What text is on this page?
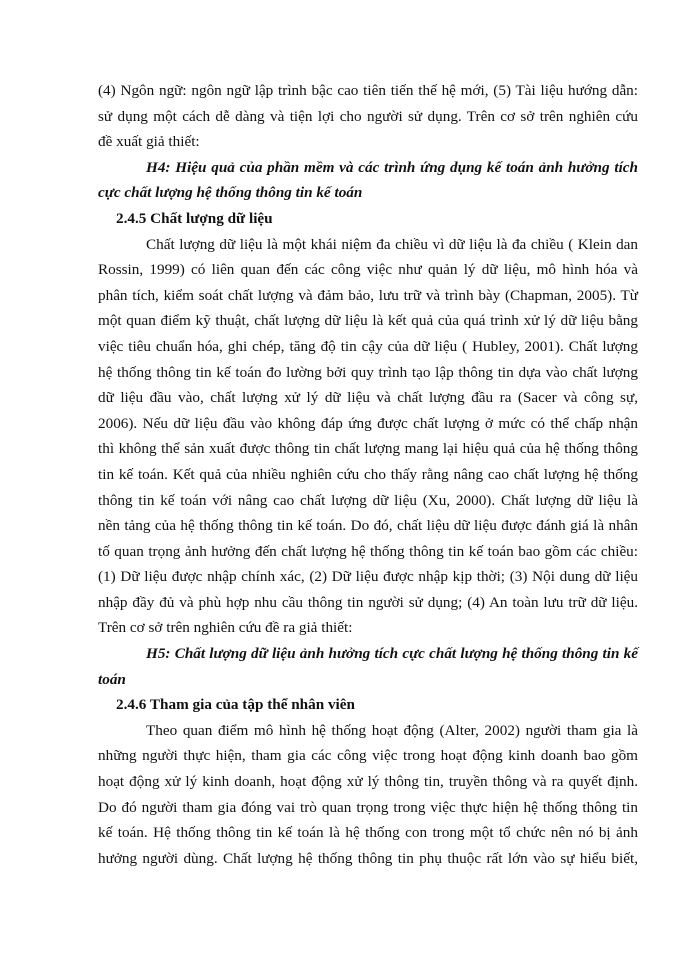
(4) Ngôn ngữ: ngôn ngữ lập trình bậc cao tiên tiến thế hệ mới, (5) Tài liệu hướng dẫn:
sử dụng một cách dễ dàng và tiện lợi cho người sử dụng. Trên cơ sở trên nghiên cứu
đề xuất giả thiết:
H4: Hiệu quả của phần mềm và các trình ứng dụng kế toán ảnh hưởng tích
cực chất lượng hệ thống thông tin kế toán
2.4.5 Chất lượng dữ liệu
Chất lượng dữ liệu là một khái niệm đa chiều vì dữ liệu là đa chiều ( Klein dan
Rossin, 1999) có liên quan đến các công việc như quản lý dữ liệu, mô hình hóa và
phân tích, kiểm soát chất lượng và đảm bảo, lưu trữ và trình bày (Chapman, 2005). Từ
một quan điểm kỹ thuật, chất lượng dữ liệu là kết quả của quá trình xử lý dữ liệu bằng
việc tiêu chuẩn hóa, ghi chép, tăng độ tin cậy của dữ liệu ( Hubley, 2001). Chất lượng
hệ thống thông tin kế toán đo lường bởi quy trình tạo lập thông tin dựa vào chất lượng
dữ liệu đầu vào, chất lượng xử lý dữ liệu và chất lượng đầu ra (Sacer và công sự,
2006). Nếu dữ liệu đầu vào không đáp ứng được chất lượng ở mức có thể chấp nhận
thì không thể sản xuất được thông tin chất lượng mang lại hiệu quả của hệ thống thông
tin kế toán. Kết quả của nhiều nghiên cứu cho thấy rằng nâng cao chất lượng hệ thống
thông tin kế toán với nâng cao chất lượng dữ liệu (Xu, 2000). Chất lượng dữ liệu là
nền tảng của hệ thống thông tin kế toán. Do đó, chất liệu dữ liệu được đánh giá là nhân
tố quan trọng ảnh hưởng đến chất lượng hệ thống thông tin kế toán bao gồm các chiều:
(1) Dữ liệu được nhập chính xác, (2) Dữ liệu được nhập kịp thời; (3) Nội dung dữ liệu
nhập đầy đủ và phù hợp nhu cầu thông tin người sử dụng; (4) An toàn lưu trữ dữ liệu.
Trên cơ sở trên nghiên cứu đề ra giả thiết:
H5: Chất lượng dữ liệu ảnh hưởng tích cực chất lượng hệ thống thông tin kế
toán
2.4.6 Tham gia của tập thể nhân viên
Theo quan điểm mô hình hệ thống hoạt động (Alter, 2002) người tham gia là
những người thực hiện, tham gia các công việc trong hoạt động kinh doanh bao gồm
hoạt động xử lý kinh doanh, hoạt động xử lý thông tin, truyền thông và ra quyết định.
Do đó người tham gia đóng vai trò quan trọng trong việc thực hiện hệ thống thông tin
kế toán. Hệ thống thông tin kế toán là hệ thống con trong một tổ chức nên nó bị ảnh
hưởng người dùng. Chất lượng hệ thống thông tin phụ thuộc rất lớn vào sự hiểu biết,
